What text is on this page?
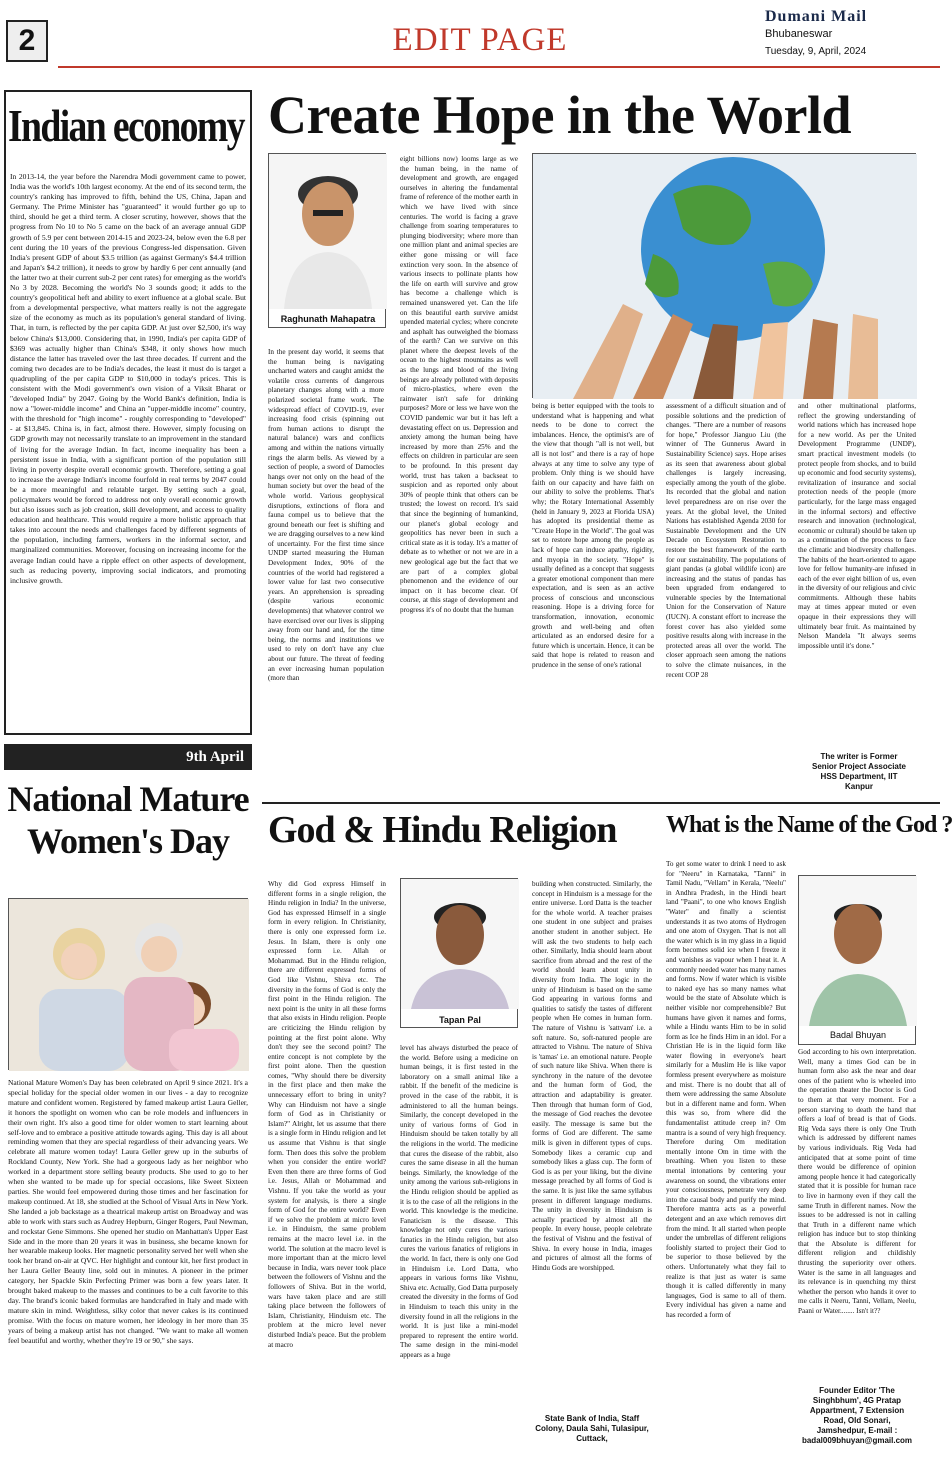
2	EDIT PAGE
Dumani Mail
Bhubaneswar
Tuesday, 9, April, 2024
Indian economy
In 2013-14, the year before the Narendra Modi government came to power, India was the world's 10th largest economy. At the end of its second term, the country's ranking has improved to fifth, behind the US, China, Japan and Germany. The Prime Minister has "guaranteed" it would further go up to third, should he get a third term. A closer scrutiny, however, shows that the progress from No 10 to No 5 came on the back of an average annual GDP growth of 5.9 per cent between 2014-15 and 2023-24, below even the 6.8 per cent during the 10 years of the previous Congress-led dispensation. Given India's present GDP of about $3.5 trillion (as against Germany's $4.4 trillion and Japan's $4.2 trillion), it needs to grow by hardly 6 per cent annually (and the latter two at their current sub-2 per cent rates) for emerging as the world's No 3 by 2028. Becoming the world's No 3 sounds good; it adds to the country's geopolitical heft and ability to exert influence at a global scale. But from a developmental perspective, what matters really is not the aggregate size of the economy as much as its population's general standard of living. That, in turn, is reflected by the per capita GDP. At just over $2,500, it's way below China's $13,000. Considering that, in 1990, India's per capita GDP of $369 was actually higher than China's $348, it only shows how much distance the latter has traveled over the last three decades. If current and the coming two decades are to be India's decades, the least it must do is target a quadrupling of the per capita GDP to $10,000 in today's prices. This is consistent with the Modi government's own vision of a Viksit Bharat or "developed India" by 2047. Going by the World Bank's definition, India is now a "lower-middle income" and China an "upper-middle income" country, with the threshold for "high income" - roughly corresponding to "developed" - at $13,845. China is, in fact, almost there. However, simply focusing on GDP growth may not necessarily translate to an improvement in the standard of living for the average Indian. In fact, income inequality has been a persistent issue in India, with a significant portion of the population still living in poverty despite overall economic growth. Therefore, setting a goal to increase the average Indian's income fourfold in real terms by 2047 could be a more meaningful and relatable target. By setting such a goal, policymakers would be forced to address not only overall economic growth but also issues such as job creation, skill development, and access to quality education and healthcare. This would require a more holistic approach that takes into account the needs and challenges faced by different segments of the population, including farmers, workers in the informal sector, and marginalized communities. Moreover, focusing on increasing income for the average Indian could have a ripple effect on other aspects of development, such as reducing poverty, improving social indicators, and promoting inclusive growth.
9th April
National Mature Women's Day
National Mature Women's Day has been celebrated on April 9 since 2021. It's a special holiday for the special older women in our lives - a day to recognize mature and confident women. Registered by famed makeup artist Laura Geller, it honors the spotlight on women who can be role models and influencers in their own right. It's also a good time for older women to start learning about self-love and to embrace a positive attitude towards aging. This day is all about reminding women that they are special regardless of their advancing years. We celebrate all mature women today! Laura Geller grew up in the suburbs of Rockland County, New York. She had a gorgeous lady as her neighbor who worked in a department store selling beauty products. She used to go to her when she wanted to be made up for special occasions, like Sweet Sixteen parties. She would feel empowered during those times and her fascination for makeup continued. At 18, she studied at the School of Visual Arts in New York. She landed a job backstage as a theatrical makeup artist on Broadway and was able to work with stars such as Audrey Hepburn, Ginger Rogers, Paul Newman, and rockstar Gene Simmons. She opened her studio on Manhattan's Upper East Side and in the more than 20 years it was in business, she became known for her wearable makeup looks. Her magnetic personality served her well when she took her brand on-air at QVC. Her highlight and contour kit, her first product in her Laura Geller Beauty line, sold out in minutes. A pioneer in the primer category, her Spackle Skin Perfecting Primer was born a few years later. It brought baked makeup to the masses and continues to be a cult favorite to this day. The brand's iconic baked formulas are handcrafted in Italy and made with mature skin in mind. Weightless, silky color that never cakes is its continued promise. With the focus on mature women, her ideology in her more than 35 years of being a makeup artist has not changed. "We want to make all women feel beautiful and worthy, whether they're 19 or 90," she says.
Create Hope in the World
Raghunath Mahapatra
In the present day world, it seems that the human being is navigating uncharted waters and caught amidst the volatile cross currents of dangerous planetary changes along with a more polarized societal frame work. The widespread effect of COVID-19, ever increasing food crisis (spinning out from human actions to disrupt the natural balance) wars and conflicts among and within the nations virtually rings the alarm bells. As viewed by a section of people, a sword of Damocles hangs over not only on the head of the human society but over the head of the whole world. Various geophysical disruptions, extinctions of flora and fauna compel us to believe that the ground beneath our feet is shifting and we are dragging ourselves to a new kind of uncertainty. For the first time since UNDP started measuring the Human Development Index, 90% of the countries of the world had registered a lower value for last two consecutive years. An apprehension is spreading (despite various economic developments) that whatever control we have exercised over our lives is slipping away from our hand and, for the time being, the norms and institutions we used to rely on don't have any clue about our future. The threat of feeding an ever increasing human population (more than
eight billions now) looms large as we the human being, in the name of development and growth, are engaged ourselves in altering the fundamental frame of reference of the mother earth in which we have lived with since centuries. The world is facing a grave challenge from soaring temperatures to plunging biodiversity; where more than one million plant and animal species are either gone missing or will face extinction very soon. In the absence of various insects to pollinate plants how the life on earth will survive and grow has become a challenge which is remained unanswered yet. Can the life on this beautiful earth survive amidst upended material cycles; where concrete and asphalt has outweighed the biomass of the earth? Can we survive on this planet where the deepest levels of the ocean to the highest mountains as well as the lungs and blood of the living beings are already polluted with deposits of micro-plastics, where even the rainwater isn't safe for drinking purposes? More or less we have won the COVID pandemic war but it has left a devastating effect on us. Depression and anxiety among the human being have increased by more than 25% and the effects on children in particular are seen to be profound. In this present day world, trust has taken a backseat to suspicion and as reported only about 30% of people think that others can be trusted; the lowest on record. It's said that since the beginning of humankind, our planet's global ecology and geopolitics has never been in such a critical state as it is today. It's a matter of debate as to whether or not we are in a new geological age but the fact that we are part of a complex global phenomenon and the evidence of our impact on it has become clear. Of course, at this stage of development and progress it's of no doubt that the human
being is better equipped with the tools to understand what is happening and what needs to be done to correct the imbalances. Hence, the optimist's are of the view that though "all is not well, but all is not lost" and there is a ray of hope always at any time to solve any type of problem. Only thing is we should have faith on our capacity and have faith on our ability to solve the problems. That's why; the Rotary International Assembly (held in January 9, 2023 at Florida USA) has adopted its presidential theme as "Create Hope in the World". The goal was set to restore hope among the people as lack of hope can induce apathy, rigidity, and myopia in the society. "Hope" is usually defined as a concept that suggests a greater emotional component than mere expectation, and is seen as an active process of conscious and unconscious reasoning. Hope is a driving force for transformation, innovation, economic growth and well-being and often articulated as an endorsed desire for a future which is uncertain. Hence, it can be said that hope is related to reason and prudence in the sense of one's rational
assessment of a difficult situation and of possible solutions and the prediction of changes. "There are a number of reasons for hope," Professor Jianguo Liu (the winner of The Gunnerus Award in Sustainability Science) says. Hope arises as its seen that awareness about global challenges is largely increasing, especially among the youth of the globe. Its recorded that the global and nation level preparedness are on rise over the years. At the global level, the United Nations has established Agenda 2030 for Sustainable Development and the UN Decade on Ecosystem Restoration to restore the best framework of the earth for our sustainability. The populations of giant pandas (a global wildlife icon) are increasing and the status of pandas has been upgraded from endangered to vulnerable species by the International Union for the Conservation of Nature (IUCN). A constant effort to increase the forest cover has also yielded some positive results along with increase in the protected areas all over the world. The closer approach seen among the nations to solve the climate nuisances, in the recent COP 28
and other multinational platforms, reflect the growing understanding of world nations which has increased hope for a new world. As per the United Development Programme (UNDP), smart practical investment models (to protect people from shocks, and to build up economic and food security systems), revitalization of insurance and social protection needs of the people (more particularly, for the large mass engaged in the informal sectors) and effective research and innovation (technological, economic or cultural) should be taken up as a continuation of the process to face the climatic and biodiversity challenges. The habits of the heart-oriented to agape love for fellow humanity-are infused in each of the ever eight billion of us, even in the diversity of our religious and civic commitments. Although these habits may at times appear muted or even opaque in their expressions they will ultimately bear fruit. As maintained by Nelson Mandela "It always seems impossible until it's done."
The writer is Former Senior Project Associate HSS Department, IIT Kanpur
God & Hindu Religion
Tapan Pal
Why did God express Himself in different forms in a single religion, the Hindu religion in India? In the universe, God has expressed Himself in a single form in every religion. In Christianity, there is only one expressed form i.e. Jesus. In Islam, there is only one expressed form i.e. Allah or Mohammad. But in the Hindu religion, there are different expressed forms of God like Vishnu, Shiva etc. The diversity in the forms of God is only the first point in the Hindu religion. The next point is the unity in all these forms that also exists in Hindu religion. People are criticizing the Hindu religion by pointing at the first point alone. Why don't they see the second point? The entire concept is not complete by the first point alone. Then the question comes, "Why should there be diversity in the first place and then make the unnecessary effort to bring in unity? Why can Hinduism not have a single form of God as in Christianity or Islam?" Alright, let us assume that there is a single form in Hindu religion and let us assume that Vishnu is that single form. Then does this solve the problem when you consider the entire world? Even then there are three forms of God i.e. Jesus, Allah or Mohammad and Vishnu. If you take the world as your system for analysis, is there a single form of God for the entire world? Even if we solve the problem at micro level i.e. in Hinduism, the same problem remains at the macro level i.e. in the world. The solution at the macro level is more important than at the micro level because in India, wars never took place between the followers of Vishnu and the followers of Shiva. But in the world, wars have taken place and are still taking place between the followers of Islam, Christianity, Hinduism etc. The problem at the micro level never disturbed India's peace. But the problem at macro
level has always disturbed the peace of the world. Before using a medicine on human beings, it is first tested in the laboratory on a small animal like a rabbit. If the benefit of the medicine is proved in the case of the rabbit, it is administered to all the human beings. Similarly, the concept developed in the unity of various forms of God in Hinduism should be taken totally by all the religions in the world. The medicine that cures the disease of the rabbit, also cures the same disease in all the human beings. Similarly, the knowledge of the unity among the various sub-religions in the Hindu religion should be applied as it is to the case of all the religions in the world. This knowledge is the medicine. Fanaticism is the disease. This knowledge not only cures the various fanatics in the Hindu religion, but also cures the various fanatics of religions in the world. In fact, there is only one God in Hinduism i.e. Lord Datta, who appears in various forms like Vishnu, Shiva etc. Actually, God Datta purposely created the diversity in the forms of God in Hinduism to teach this unity in the diversity found in all the religions in the world. It is just like a mini-model prepared to represent the entire world. The same design in the mini-model appears as a huge
building when constructed. Similarly, the concept in Hinduism is a message for the entire universe. Lord Datta is the teacher for the whole world. A teacher praises one student in one subject and praises another student in another subject. He will ask the two students to help each other. Similarly, India should learn about sacrifice from abroad and the rest of the world should learn about unity in diversity from India. The logic in the unity of Hinduism is based on the same God appearing in various forms and qualities to satisfy the tastes of different people when He comes in human form. The nature of Vishnu is 'sattvam' i.e. a soft nature. So, soft-natured people are attracted to Vishnu. The nature of Shiva is 'tamas' i.e. an emotional nature. People of such nature like Shiva. When there is synchrony in the nature of the devotee and the human form of God, the attraction and adaptability is greater. Then through that human form of God, the message of God reaches the devotee easily. The message is same but the forms of God are different. The same milk is given in different types of cups. Somebody likes a ceramic cup and somebody likes a glass cup. The form of God is as per your liking, but the divine message preached by all forms of God is the same. It is just like the same syllabus present in different language mediums. The unity in diversity in Hinduism is actually practiced by almost all the people. In every house, people celebrate the festival of Vishnu and the festival of Shiva. In every house in India, images and pictures of almost all the forms of Hindu Gods are worshipped.
State Bank of India, Staff Colony, Daula Sahi, Tulasipur, Cuttack,
What is the Name of the God ?
To get some water to drink I need to ask for "Neeru" in Karnataka, "Tanni" in Tamil Nadu, "Vellam" in Kerala, "Neelu" in Andhra Pradesh, in the Hindi heart land "Paani", to one who knows English "Water" and finally a scientist understands it as two atoms of Hydrogen and one atom of Oxygen. That is not all the water which is in my glass in a liquid form becomes solid ice when I freeze it and vanishes as vapour when I heat it. A commonly needed water has many names and forms. Now if water which is visible to naked eye has so many names what would be the state of Absolute which is neither visible nor comprehensible? But humans have given it names and forms, while a Hindu wants Him to be in solid form as Ice he finds Him in an idol. For a Christian He is in the liquid form like water flowing in everyone's heart similarly for a Muslim He is like vapor formless present everywhere as moisture and mist. There is no doubt that all of them were addressing the same Absolute but in a different name and form. When this was so, from where did the fundamentalist attitude creep in? Om mantra is a sound of very high frequency. Therefore during Om meditation mentally intone Om in time with the breathing. When you listen to these mental intonations by centering your awareness on sound, the vibrations enter your consciousness, penetrate very deep into the causal body and purify the mind. Therefore mantra acts as a powerful detergent and an axe which removes dirt from the mind. It all started when people under the umbrellas of different religions foolishly started to project their God to be superior to those believed by the others. Unfortunately what they fail to realize is that just as water is same though it is called differently in many languages, God is same to all of them. Every individual has given a name and has recorded a form of
Badal Bhuyan
God according to his own interpretation. Well, many a times God can be in human form also ask the near and dear ones of the patient who is wheeled into the operation theater the Doctor is God to them at that very moment. For a person starving to death the hand that offers a loaf of bread is that of Gods. Rig Veda says there is only One Truth which is addressed by different names by various individuals. Rig Veda had anticipated that at some point of time there would be difference of opinion among people hence it had categorically stated that it is possible for human race to live in harmony even if they call the same Truth in different names. Now the issues to be addressed is not in calling that Truth in a different name which religion has induce but to stop thinking that the Absolute is different for different religion and childishly thrusting the superiority over others. Water is the same in all languages and its relevance is in quenching my thirst whether the person who hands it over to me calls it Neeru, Tanni, Vellam, Neelu, Paani or Water........ Isn't it??
Founder Editor 'The Singhbhum', 4G Pratap Appartment, 7 Extension Road, Old Sonari, Jamshedpur, E-mail : badal009bhuyan@gmail.com
